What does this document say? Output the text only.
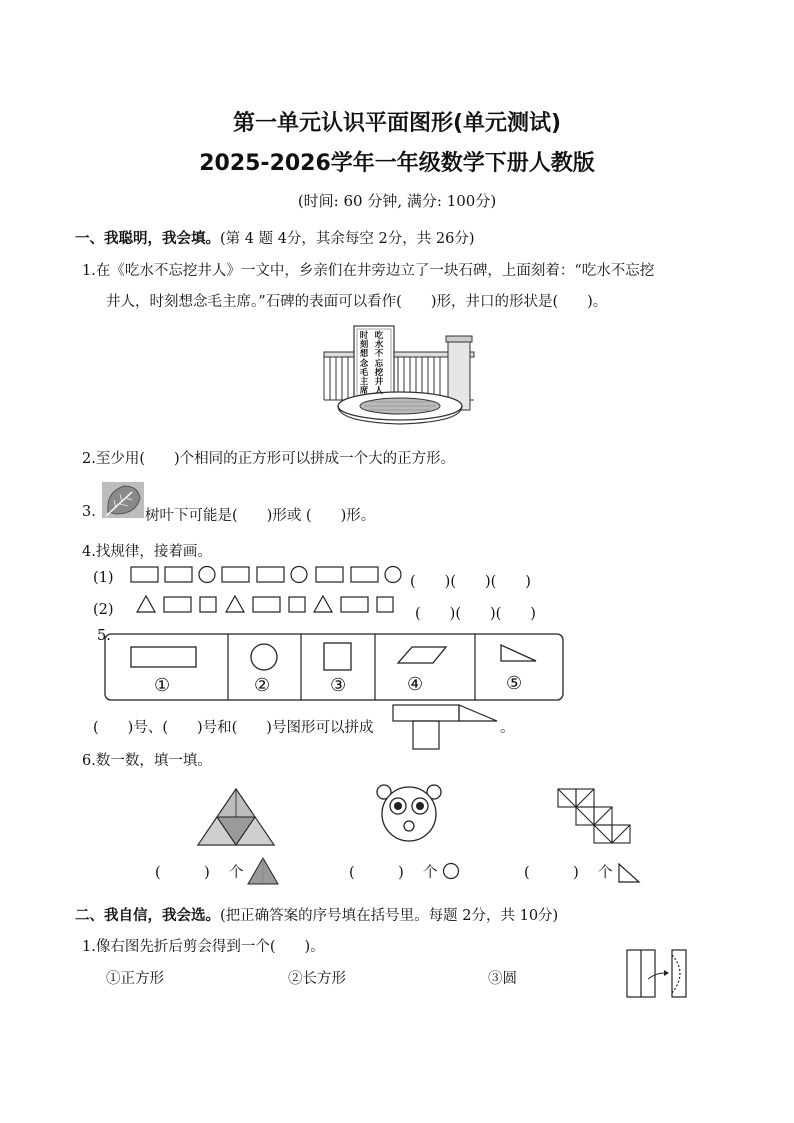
第一单元认识平面图形(单元测试)
2025-2026学年一年级数学下册人教版
(时间: 60 分钟, 满分: 100分)
一、我聪明，我会填。(第 4 题 4分，其余每空 2分，共 26分)
1.在《吃水不忘挖井人》一文中，乡亲们在井旁边立了一块石碑，上面刻着：“吃水不忘挖
井人，时刻想念毛主席。”石碑的表面可以看作(　　)形，井口的形状是(　　)。
时刻想念毛主席
吃水不忘挖井人
2.至少用(　　)个相同的正方形可以拼成一个大的正方形。
3.	树叶下可能是(　　)形或 (　　)形。
4.找规律，接着画。
(1)	(　　)(　　)(　　)
(2)	(　　)(　　)(　　)
5.
①	②	③	④	⑤
(　　)号、(　　)号和(　　)号图形可以拼成	。
6.数一数，填一填。
(　　　) 个	(　　　) 个	(　　　) 个
二、我自信，我会选。(把正确答案的序号填在括号里。每题 2分，共 10分)
1.像右图先折后剪会得到一个(　　)。
①正方形	②长方形	③圆
